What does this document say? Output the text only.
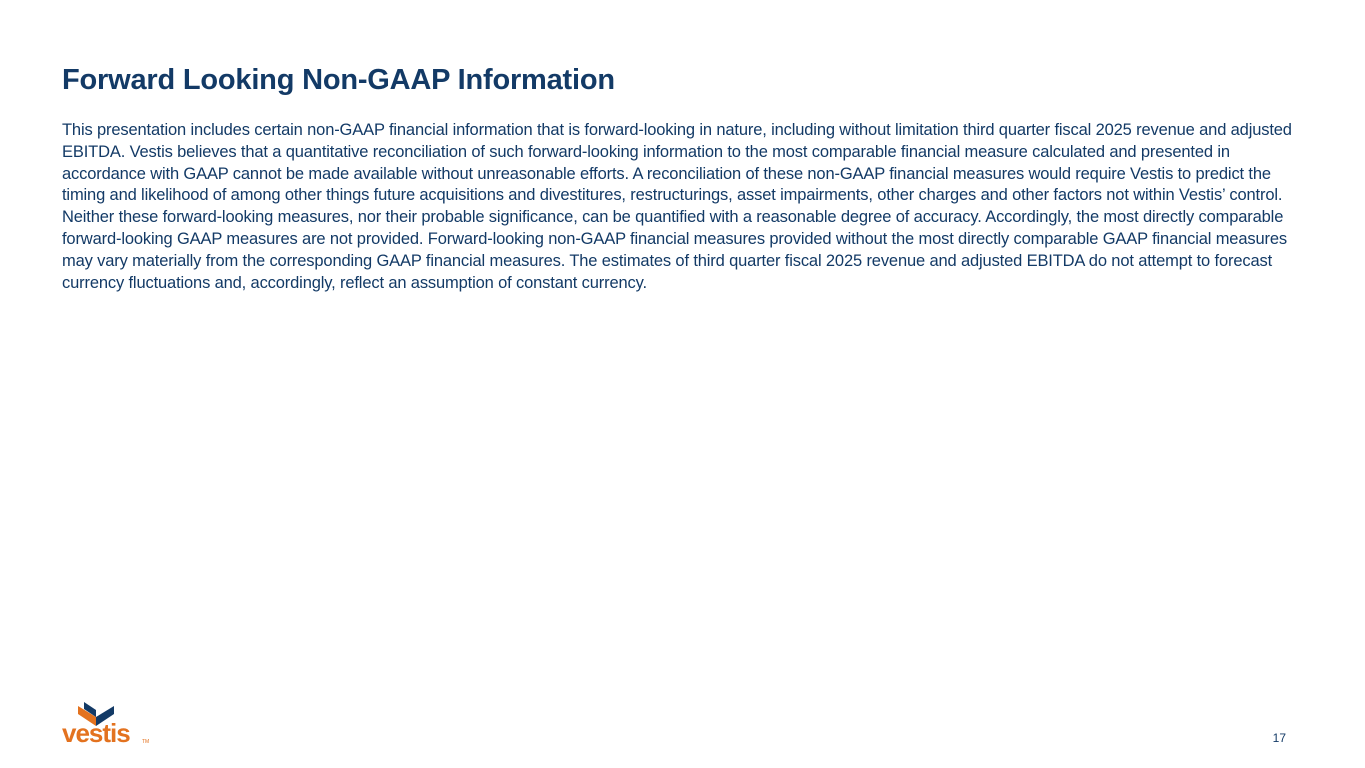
Forward Looking Non-GAAP Information

This presentation includes certain non-GAAP financial information that is forward-looking in nature, including without limitation third quarter fiscal 2025 revenue and adjusted EBITDA. Vestis believes that a quantitative reconciliation of such forward-looking information to the most comparable financial measure calculated and presented in accordance with GAAP cannot be made available without unreasonable efforts. A reconciliation of these non-GAAP financial measures would require Vestis to predict the timing and likelihood of among other things future acquisitions and divestitures, restructurings, asset impairments, other charges and other factors not within Vestis’ control. Neither these forward-looking measures, nor their probable significance, can be quantified with a reasonable degree of accuracy. Accordingly, the most directly comparable forward-looking GAAP measures are not provided. Forward-looking non-GAAP financial measures provided without the most directly comparable GAAP financial measures may vary materially from the corresponding GAAP financial measures. The estimates of third quarter fiscal 2025 revenue and adjusted EBITDA do not attempt to forecast currency fluctuations and, accordingly, reflect an assumption of constant currency.

vestis TM	17
